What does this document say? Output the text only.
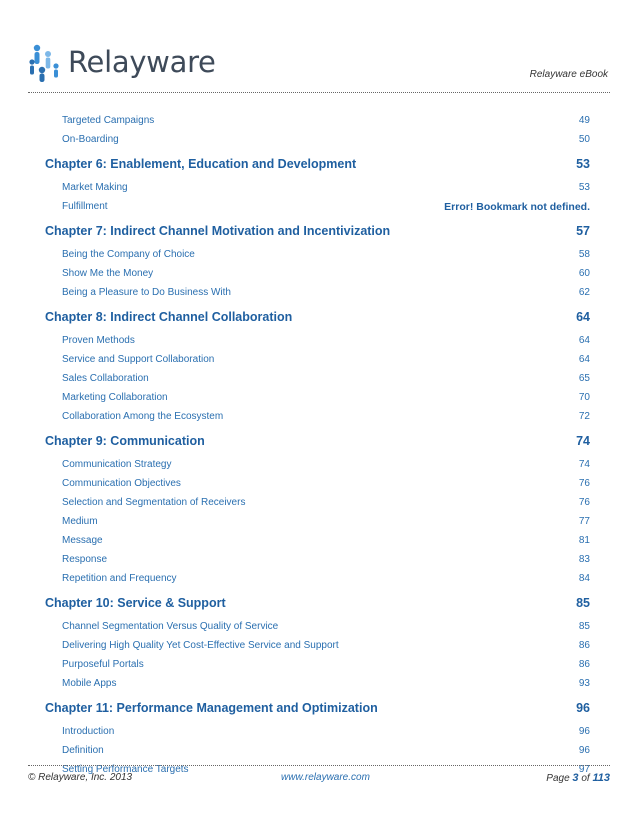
Relayware	Relayware eBook
Targeted Campaigns	49
On-Boarding	50
Chapter 6: Enablement, Education and Development	53
Market Making	53
Fulfillment	Error! Bookmark not defined.
Chapter 7: Indirect Channel Motivation and Incentivization	57
Being the Company of Choice	58
Show Me the Money	60
Being a Pleasure to Do Business With	62
Chapter 8: Indirect Channel Collaboration	64
Proven Methods	64
Service and Support Collaboration	64
Sales Collaboration	65
Marketing Collaboration	70
Collaboration Among the Ecosystem	72
Chapter 9: Communication	74
Communication Strategy	74
Communication Objectives	76
Selection and Segmentation of Receivers	76
Medium	77
Message	81
Response	83
Repetition and Frequency	84
Chapter 10: Service & Support	85
Channel Segmentation Versus Quality of Service	85
Delivering High Quality Yet Cost-Effective Service and Support	86
Purposeful Portals	86
Mobile Apps	93
Chapter 11: Performance Management and Optimization	96
Introduction	96
Definition	96
Setting Performance Targets	97
© Relayware, Inc. 2013	www.relayware.com	Page 3 of 113
